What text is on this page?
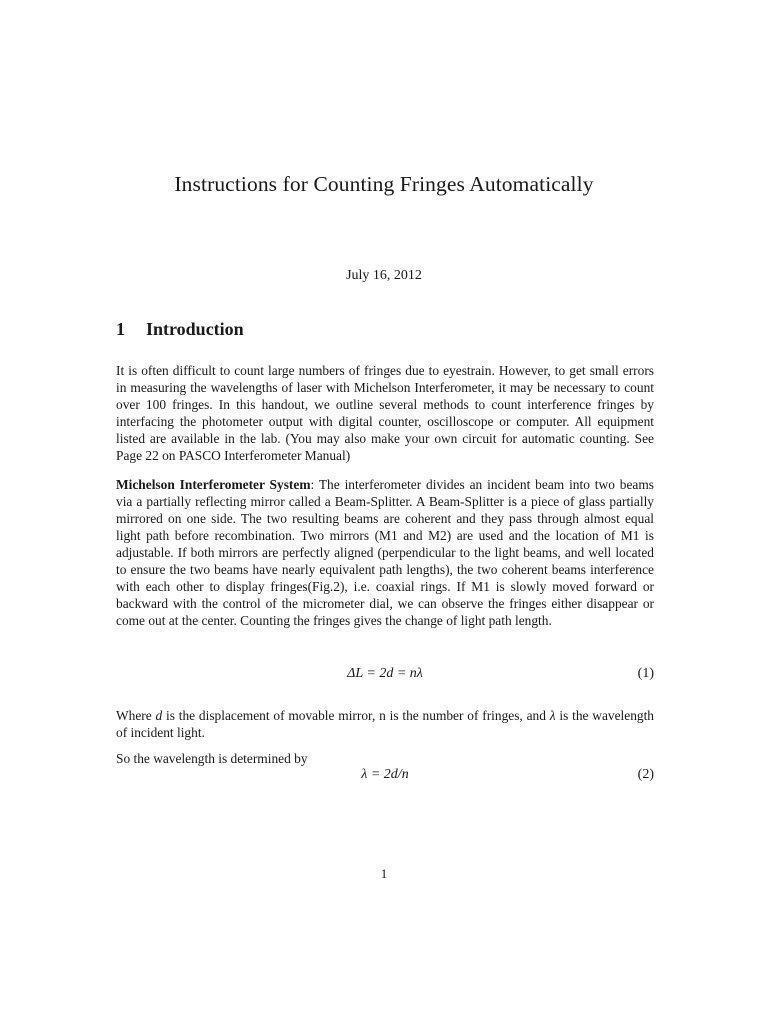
Instructions for Counting Fringes Automatically
July 16, 2012
1 Introduction

It is often difficult to count large numbers of fringes due to eyestrain. However, to get small errors in measuring the wavelengths of laser with Michelson Interferometer, it may be necessary to count over 100 fringes. In this handout, we outline several methods to count interference fringes by interfacing the photometer output with digital counter, oscilloscope or computer. All equipment listed are available in the lab. (You may also make your own circuit for automatic counting. See Page 22 on PASCO Interferometer Manual)

Michelson Interferometer System: The interferometer divides an incident beam into two beams via a partially reflecting mirror called a Beam-Splitter. A Beam-Splitter is a piece of glass partially mirrored on one side. The two resulting beams are coherent and they pass through almost equal light path before recombination. Two mirrors (M1 and M2) are used and the location of M1 is adjustable. If both mirrors are perfectly aligned (perpendicular to the light beams, and well located to ensure the two beams have nearly equivalent path lengths), the two coherent beams interference with each other to display fringes(Fig.2), i.e. coaxial rings. If M1 is slowly moved forward or backward with the control of the micrometer dial, we can observe the fringes either disappear or come out at the center. Counting the fringes gives the change of light path length.

ΔL = 2d = nλ	(1)

Where d is the displacement of movable mirror, n is the number of fringes, and λ is the wavelength of incident light.

So the wavelength is determined by

λ = 2d/n	(2)
1
